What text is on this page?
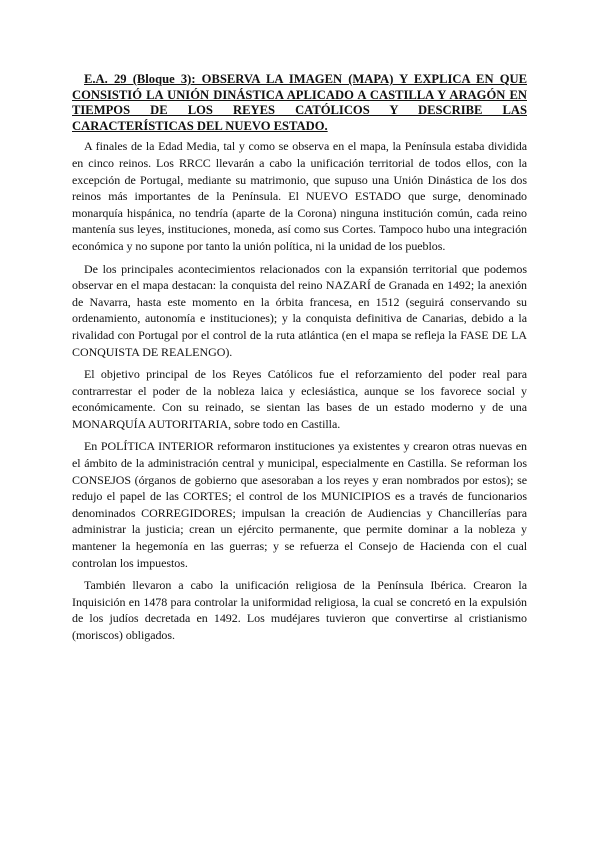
E.A. 29 (Bloque 3): OBSERVA LA IMAGEN (MAPA) Y EXPLICA EN QUE CONSISTIÓ LA UNIÓN DINÁSTICA APLICADO A CASTILLA Y ARAGÓN EN TIEMPOS DE LOS REYES CATÓLICOS Y DESCRIBE LAS CARACTERÍSTICAS DEL NUEVO ESTADO.

A finales de la Edad Media, tal y como se observa en el mapa, la Península estaba dividida en cinco reinos. Los RRCC llevarán a cabo la unificación territorial de todos ellos, con la excepción de Portugal, mediante su matrimonio, que supuso una Unión Dinástica de los dos reinos más importantes de la Península. El NUEVO ESTADO que surge, denominado monarquía hispánica, no tendría (aparte de la Corona) ninguna institución común, cada reino mantenía sus leyes, instituciones, moneda, así como sus Cortes. Tampoco hubo una integración económica y no supone por tanto la unión política, ni la unidad de los pueblos.

De los principales acontecimientos relacionados con la expansión territorial que podemos observar en el mapa destacan: la conquista del reino NAZARÍ de Granada en 1492; la anexión de Navarra, hasta este momento en la órbita francesa, en 1512 (seguirá conservando su ordenamiento, autonomía e instituciones); y la conquista definitiva de Canarias, debido a la rivalidad con Portugal por el control de la ruta atlántica (en el mapa se refleja la FASE DE LA CONQUISTA DE REALENGO).

El objetivo principal de los Reyes Católicos fue el reforzamiento del poder real para contrarrestar el poder de la nobleza laica y eclesiástica, aunque se los favorece social y económicamente. Con su reinado, se sientan las bases de un estado moderno y de una MONARQUÍA AUTORITARIA, sobre todo en Castilla.

En POLÍTICA INTERIOR reformaron instituciones ya existentes y crearon otras nuevas en el ámbito de la administración central y municipal, especialmente en Castilla. Se reforman los CONSEJOS (órganos de gobierno que asesoraban a los reyes y eran nombrados por estos); se redujo el papel de las CORTES; el control de los MUNICIPIOS es a través de funcionarios denominados CORREGIDORES; impulsan la creación de Audiencias y Chancillerías para administrar la justicia; crean un ejército permanente, que permite dominar a la nobleza y mantener la hegemonía en las guerras; y se refuerza el Consejo de Hacienda con el cual controlan los impuestos.

También llevaron a cabo la unificación religiosa de la Península Ibérica. Crearon la Inquisición en 1478 para controlar la uniformidad religiosa, la cual se concretó en la expulsión de los judíos decretada en 1492. Los mudéjares tuvieron que convertirse al cristianismo (moriscos) obligados.
